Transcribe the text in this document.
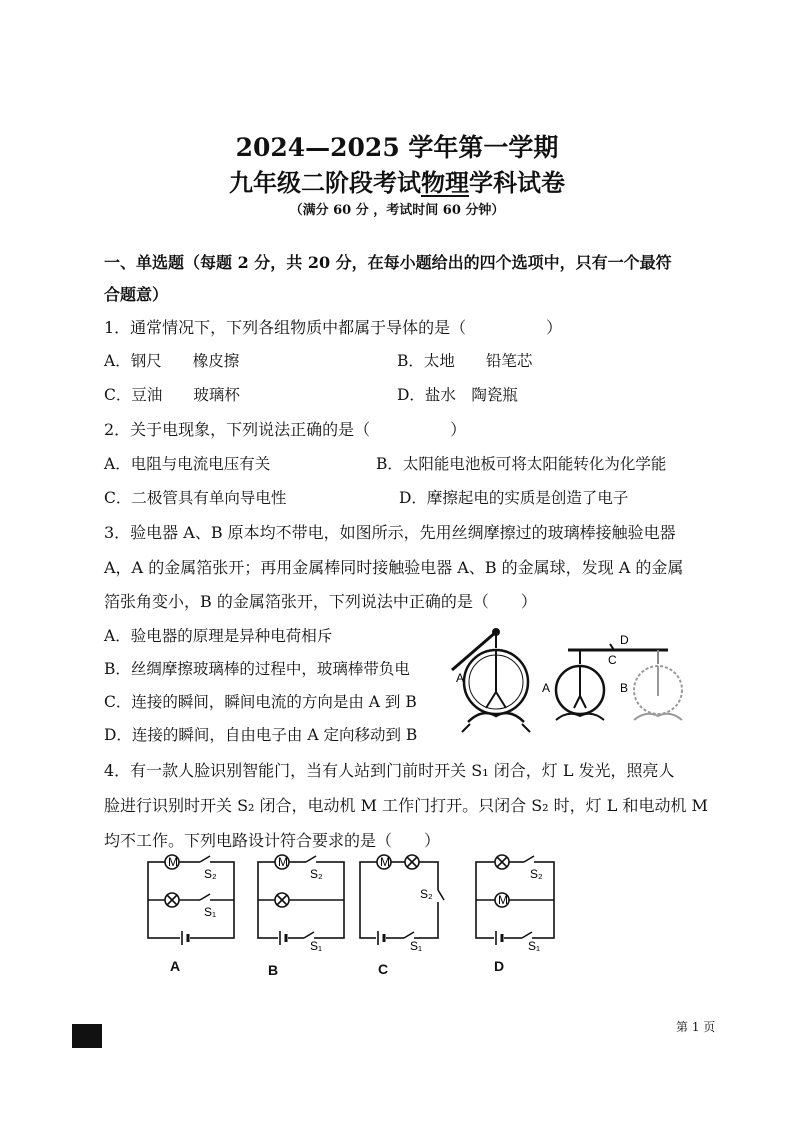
2024—2025 学年第一学期
九年级二阶段考试物理学科试卷
（满分 60 分 ，考试时间 60 分钟）
一、单选题（每题 2 分，共 20 分，在每小题给出的四个选项中，只有一个最符
合题意）
1．通常情况下，下列各组物质中都属于导体的是（　　　　　）
A．钢尺　　橡皮擦	B．太地　　铅笔芯
C．豆油　　玻璃杯	D．盐水　陶瓷瓶
2．关于电现象，下列说法正确的是（　　　　　）
A．电阻与电流电压有关	B．太阳能电池板可将太阳能转化为化学能
C．二极管具有单向导电性	D．摩擦起电的实质是创造了电子
3．验电器 A、B 原本均不带电，如图所示，先用丝绸摩擦过的玻璃棒接触验电器
A，A 的金属箔张开；再用金属棒同时接触验电器 A、B 的金属球，发现 A 的金属
箔张角变小，B 的金属箔张开，下列说法中正确的是（　　）
A．验电器的原理是异种电荷相斥
B．丝绸摩擦玻璃棒的过程中，玻璃棒带负电
C．连接的瞬间，瞬间电流的方向是由 A 到 B
D．连接的瞬间，自由电子由 A 定向移动到 B
A
A	B
C
D
4．有一款人脸识别智能门，当有人站到门前时开关 S₁ 闭合，灯 L 发光，照亮人
脸进行识别时开关 S₂ 闭合，电动机 M 工作门打开。只闭合 S₂ 时，灯 L 和电动机 M
均不工作。下列电路设计符合要求的是（　　）
M
S₂
S₁
A
M
S₂
S₁
B
M
S₂
S₁
C
M
S₂
S₁
D
第 1 页
